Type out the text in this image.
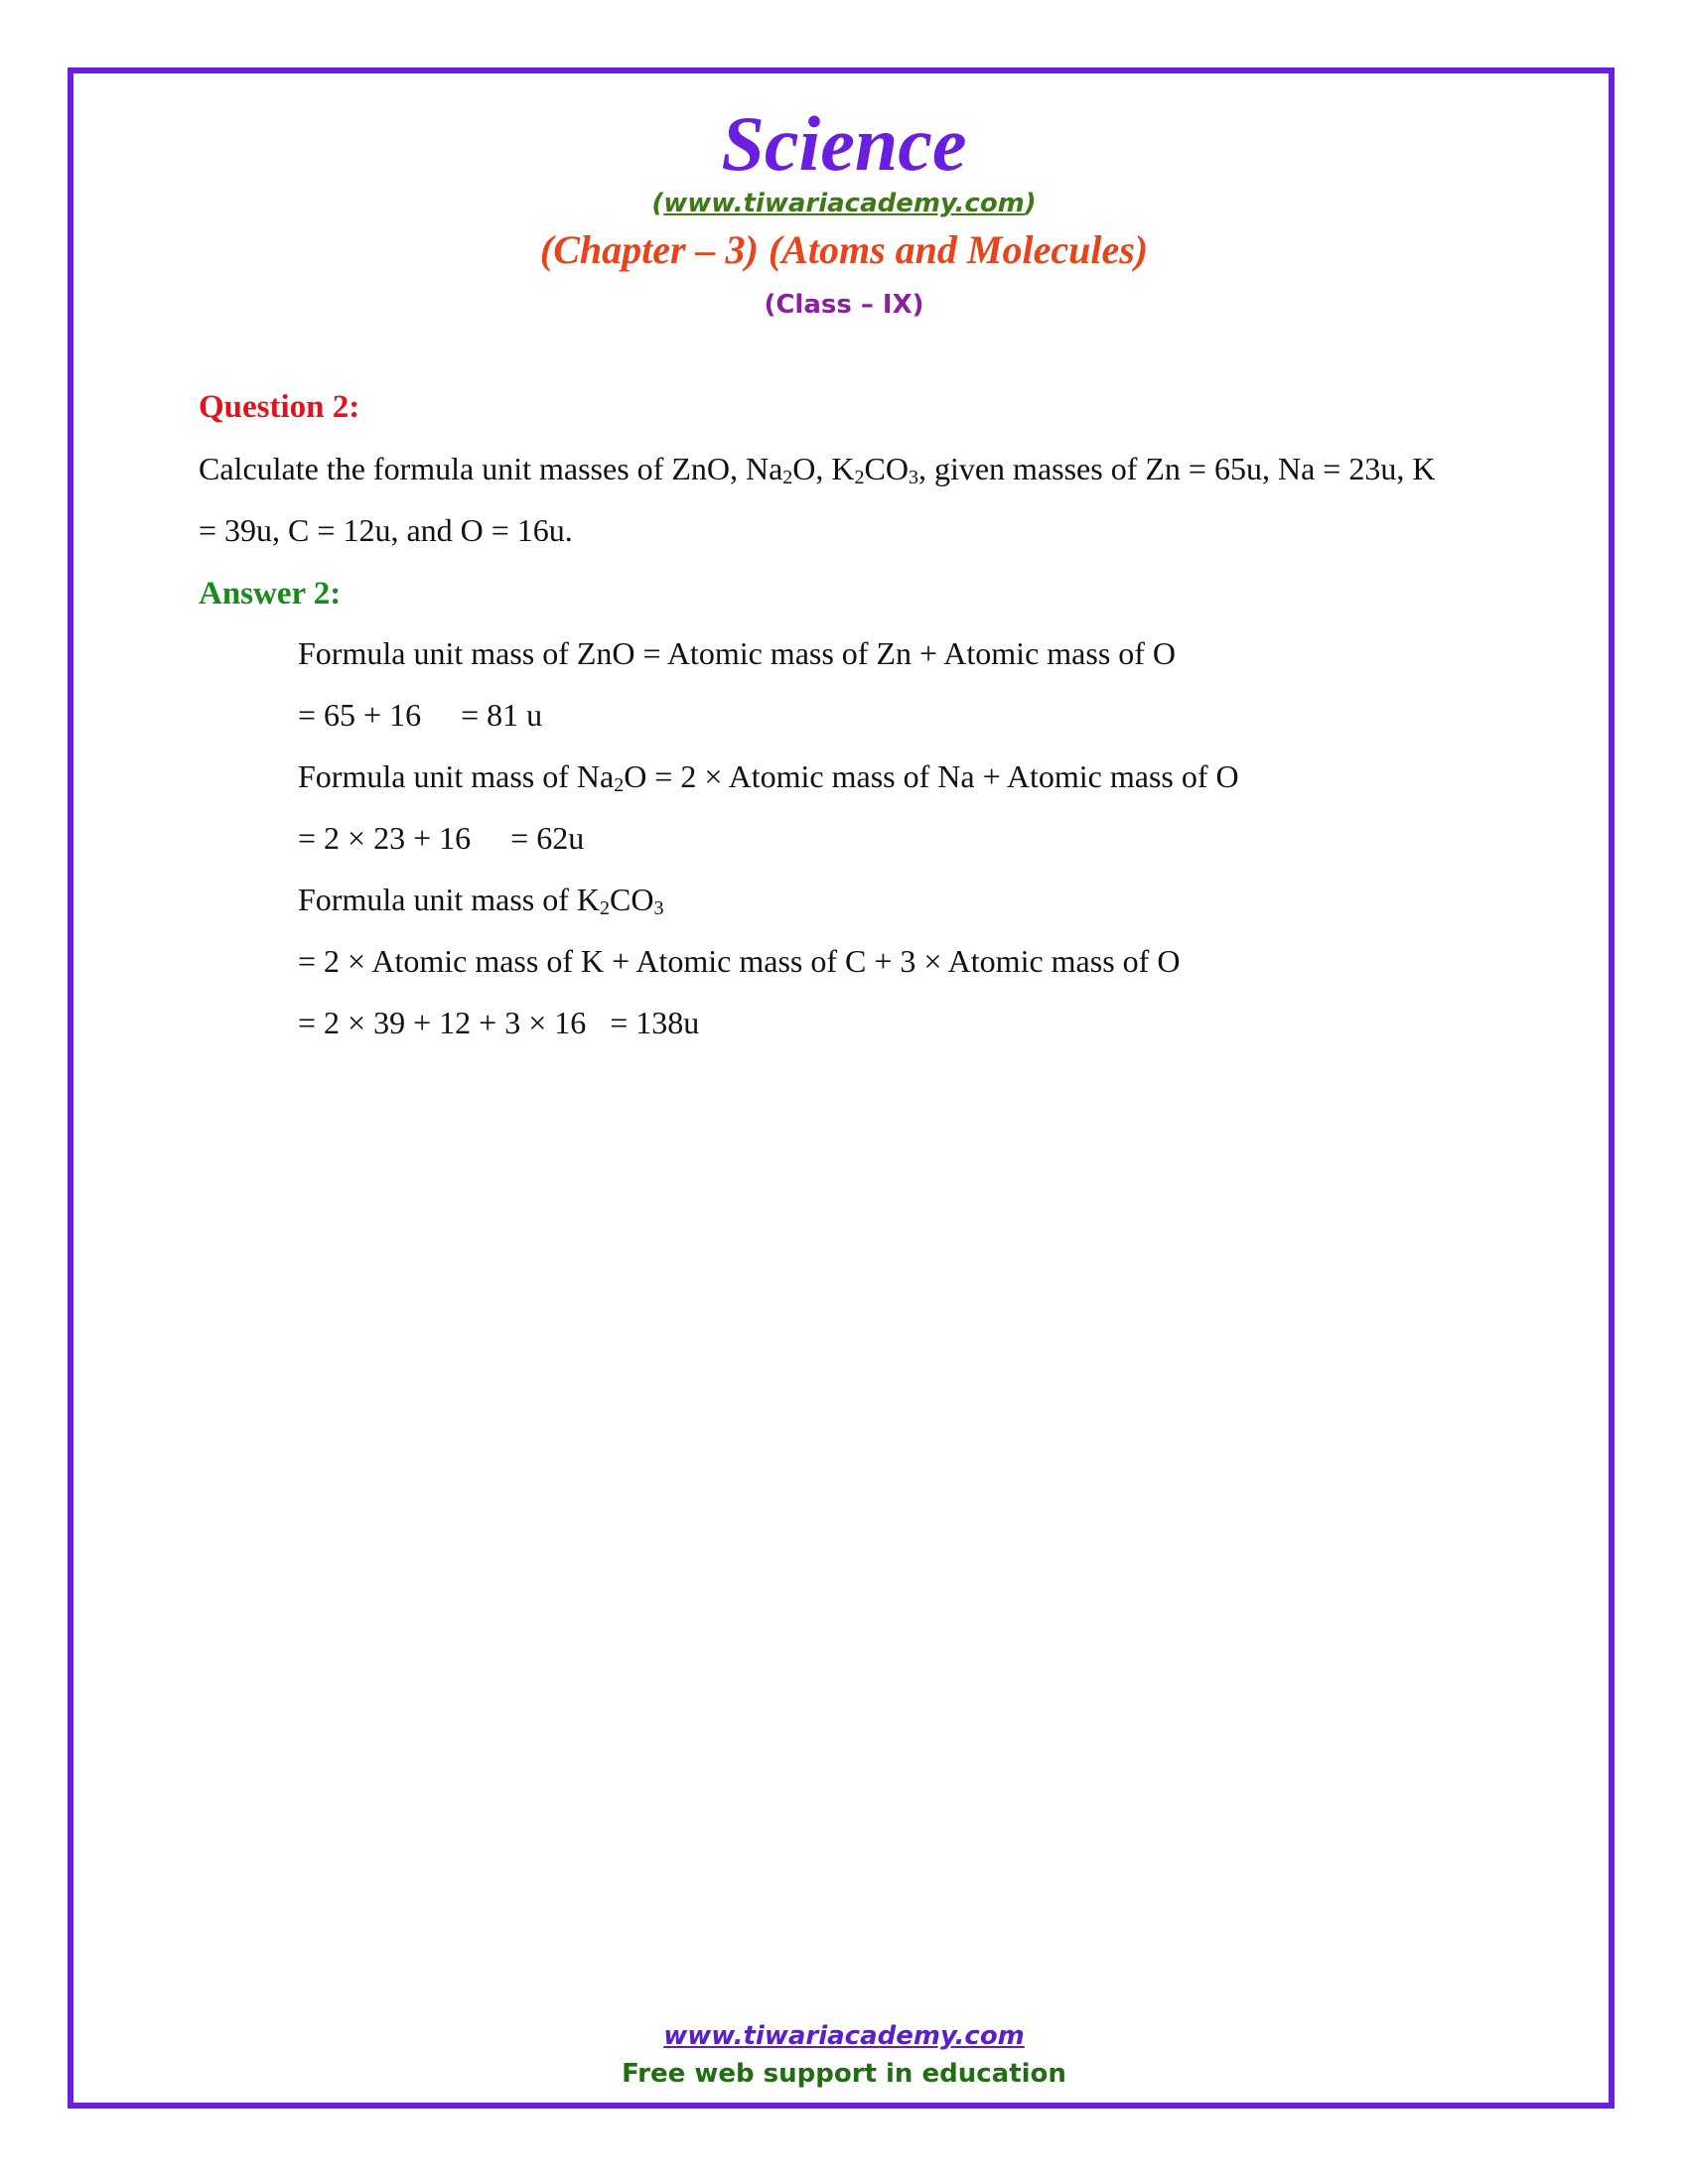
Science
(www.tiwariacademy.com)
(Chapter – 3) (Atoms and Molecules)
(Class – IX)
Question 2:
Calculate the formula unit masses of ZnO, Na2O, K2CO3, given masses of Zn = 65u, Na = 23u, K
= 39u, C = 12u, and O = 16u.
Answer 2:
Formula unit mass of ZnO = Atomic mass of Zn + Atomic mass of O
= 65 + 16     = 81 u
Formula unit mass of Na2O = 2 × Atomic mass of Na + Atomic mass of O
= 2 × 23 + 16     = 62u
Formula unit mass of K2CO3
= 2 × Atomic mass of K + Atomic mass of C + 3 × Atomic mass of O
= 2 × 39 + 12 + 3 × 16   = 138u
www.tiwariacademy.com
Free web support in education
